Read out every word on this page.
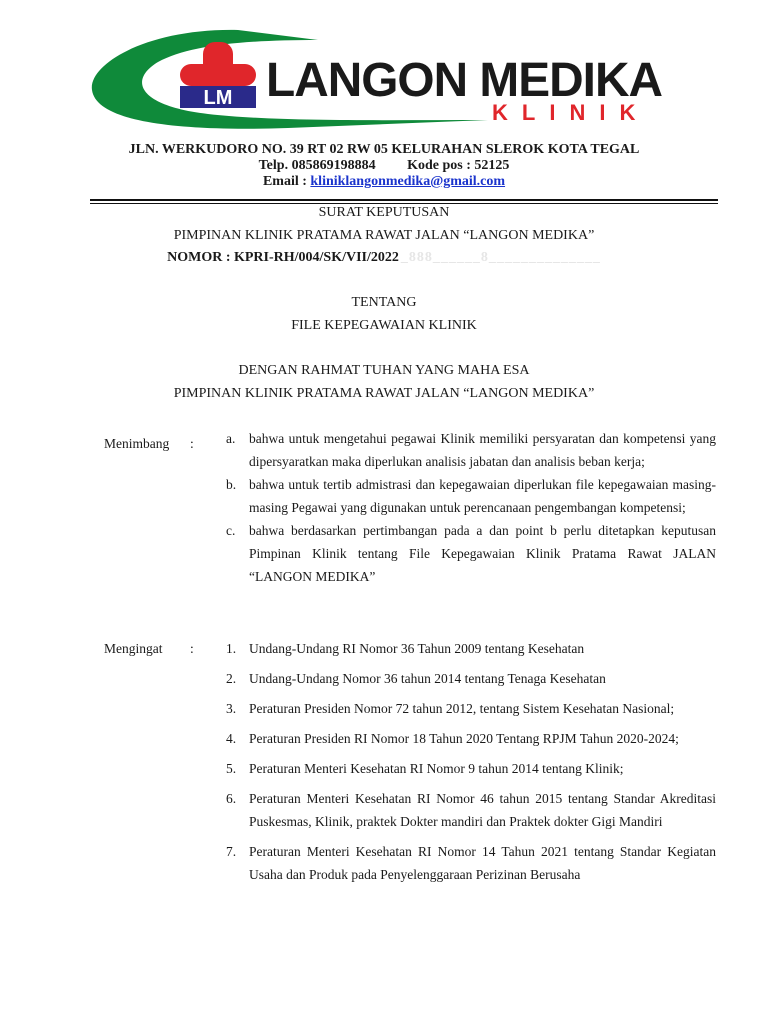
LM LANGON MEDIKA
KLINIK
JLN. WERKUDORO NO. 39 RT 02 RW 05 KELURAHAN SLEROK KOTA TEGAL
Telp. 085869198884 Kode pos : 52125
Email : kliniklangonmedika@gmail.com
SURAT KEPUTUSAN
PIMPINAN KLINIK PRATAMA RAWAT JALAN “LANGON MEDIKA”
NOMOR : KPRI-RH/004/SK/VII/2022 _888______8______________
TENTANG
FILE KEPEGAWAIAN KLINIK
DENGAN RAHMAT TUHAN YANG MAHA ESA
PIMPINAN KLINIK PRATAMA RAWAT JALAN “LANGON MEDIKA”
Menimbang : a.	bahwa untuk mengetahui pegawai Klinik memiliki persyaratan dan kompetensi yang dipersyaratkan maka diperlukan analisis jabatan dan analisis beban kerja;
b. bahwa untuk tertib admistrasi dan kepegawaian diperlukan file kepegawaian masing-masing Pegawai yang digunakan untuk perencanaan pengembangan kompetensi;
c.	bahwa berdasarkan pertimbangan pada a dan point b perlu ditetapkan keputusan Pimpinan Klinik tentang File Kepegawaian Klinik Pratama Rawat JALAN “LANGON MEDIKA”
Mengingat : 1. Undang-Undang RI Nomor 36 Tahun 2009 tentang Kesehatan
2. Undang-Undang Nomor 36 tahun 2014 tentang Tenaga Kesehatan
3. Peraturan Presiden Nomor 72 tahun 2012, tentang Sistem Kesehatan Nasional;
4. Peraturan Presiden RI Nomor 18 Tahun 2020 Tentang RPJM Tahun 2020-2024;
5. Peraturan Menteri Kesehatan RI Nomor 9 tahun 2014 tentang Klinik;
6. Peraturan Menteri Kesehatan RI Nomor 46 tahun 2015 tentang Standar Akreditasi Puskesmas, Klinik, praktek Dokter mandiri dan Praktek dokter Gigi Mandiri
7. Peraturan Menteri Kesehatan RI Nomor 14 Tahun 2021 tentang Standar Kegiatan Usaha dan Produk pada Penyelenggaraan Perizinan Berusaha
